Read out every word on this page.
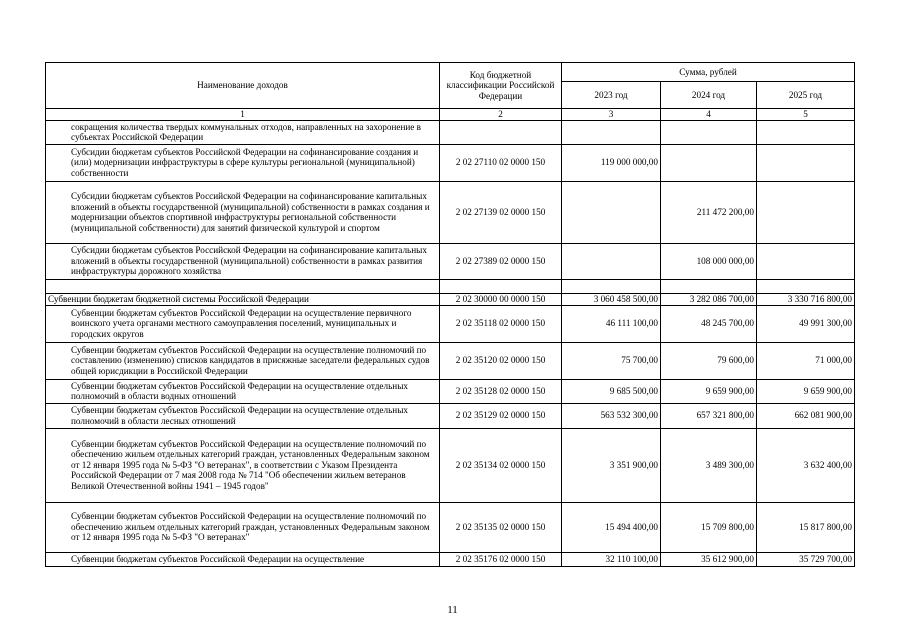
Наименование доходов	Код бюджетной классификации Российской Федерации	Сумма, рублей		
		2023 год	2024 год	2025 год
1	2	3	4	5
сокращения количества твердых коммунальных отходов, направленных на захоронение в субъектах Российской Федерации				
Субсидии бюджетам субъектов Российской Федерации на софинансирование создания и (или) модернизации инфраструктуры в сфере культуры региональной (муниципальной) собственности	2 02 27110 02 0000 150	119 000 000,00		
Субсидии бюджетам субъектов Российской Федерации на софинансирование капитальных вложений в объекты государственной (муниципальной) собственности в рамках создания и модернизации объектов спортивной инфраструктуры региональной собственности (муниципальной собственности) для занятий физической культурой и спортом	2 02 27139 02 0000 150		211 472 200,00	
Субсидии бюджетам субъектов Российской Федерации на софинансирование капитальных вложений в объекты государственной (муниципальной) собственности в рамках развития инфраструктуры дорожного хозяйства	2 02 27389 02 0000 150		108 000 000,00	

Субвенции бюджетам бюджетной системы Российской Федерации	2 02 30000 00 0000 150	3 060 458 500,00	3 282 086 700,00	3 330 716 800,00
Субвенции бюджетам субъектов Российской Федерации на осуществление первичного воинского учета органами местного самоуправления поселений, муниципальных и городских округов	2 02 35118 02 0000 150	46 111 100,00	48 245 700,00	49 991 300,00
Субвенции бюджетам субъектов Российской Федерации на осуществление полномочий по составлению (изменению) списков кандидатов в присяжные заседатели федеральных судов общей юрисдикции в Российской Федерации	2 02 35120 02 0000 150	75 700,00	79 600,00	71 000,00
Субвенции бюджетам субъектов Российской Федерации на осуществление отдельных полномочий в области водных отношений	2 02 35128 02 0000 150	9 685 500,00	9 659 900,00	9 659 900,00
Субвенции бюджетам субъектов Российской Федерации на осуществление отдельных полномочий в области лесных отношений	2 02 35129 02 0000 150	563 532 300,00	657 321 800,00	662 081 900,00
Субвенции бюджетам субъектов Российской Федерации на осуществление полномочий по обеспечению жильем отдельных категорий граждан, установленных Федеральным законом от 12 января 1995 года № 5-ФЗ "О ветеранах", в соответствии с Указом Президента Российской Федерации от 7 мая 2008 года № 714 "Об обеспечении жильем ветеранов Великой Отечественной войны 1941 – 1945 годов"	2 02 35134 02 0000 150	3 351 900,00	3 489 300,00	3 632 400,00
Субвенции бюджетам субъектов Российской Федерации на осуществление полномочий по обеспечению жильем отдельных категорий граждан, установленных Федеральным законом от 12 января 1995 года № 5-ФЗ "О ветеранах"	2 02 35135 02 0000 150	15 494 400,00	15 709 800,00	15 817 800,00
Субвенции бюджетам субъектов Российской Федерации на осуществление	2 02 35176 02 0000 150	32 110 100,00	35 612 900,00	35 729 700,00
11
